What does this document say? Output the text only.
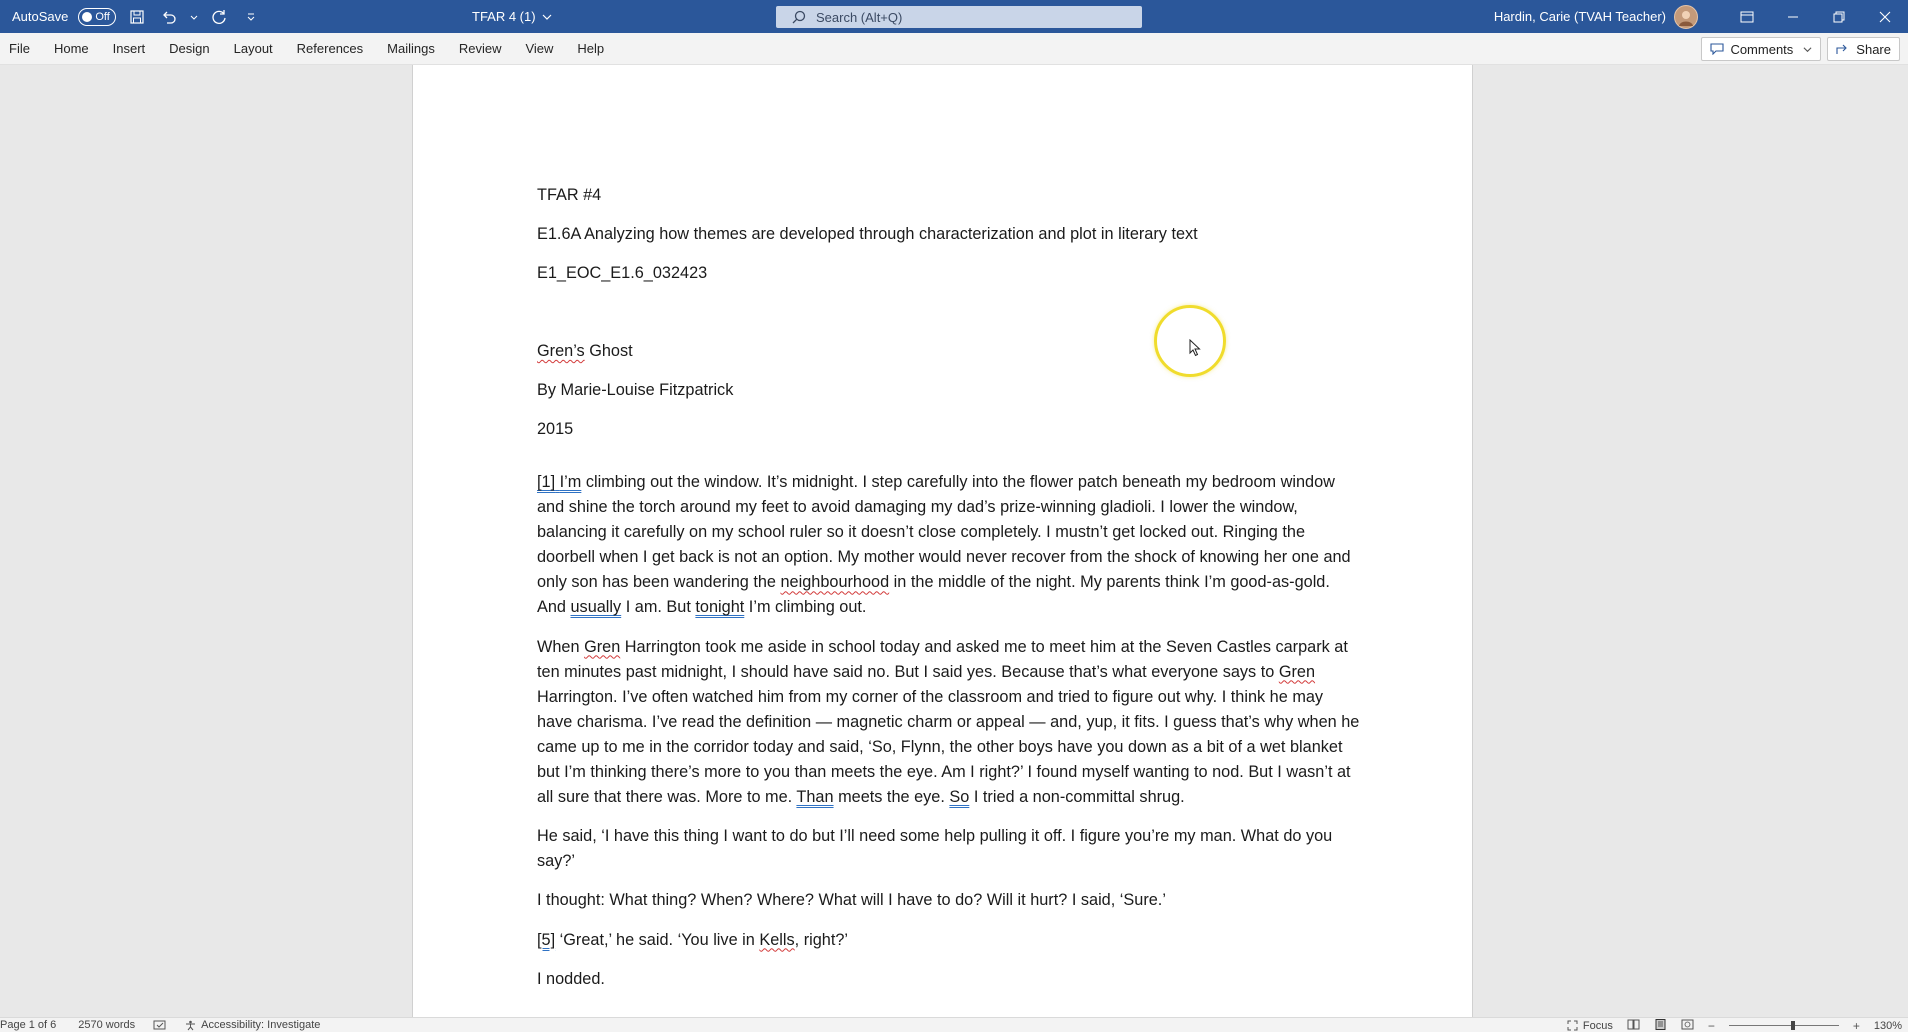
AutoSave Off	TFAR 4 (1)	Search (Alt+Q)	Hardin, Carie (TVAH Teacher)
File	Home	Insert	Design	Layout	References	Mailings	Review	View	Help	Comments	Share
TFAR #4
E1.6A Analyzing how themes are developed through characterization and plot in literary text
E1_EOC_E1.6_032423
Gren’s Ghost
By Marie-Louise Fitzpatrick
2015

[1] I’m climbing out the window. It’s midnight. I step carefully into the flower patch beneath my bedroom window and shine the torch around my feet to avoid damaging my dad’s prize-winning gladioli. I lower the window, balancing it carefully on my school ruler so it doesn’t close completely. I mustn’t get locked out. Ringing the doorbell when I get back is not an option. My mother would never recover from the shock of knowing her one and only son has been wandering the neighbourhood in the middle of the night. My parents think I’m good-as-gold. And usually I am. But tonight I’m climbing out.

When Gren Harrington took me aside in school today and asked me to meet him at the Seven Castles carpark at ten minutes past midnight, I should have said no. But I said yes. Because that’s what everyone says to Gren Harrington. I’ve often watched him from my corner of the classroom and tried to figure out why. I think he may have charisma. I’ve read the definition — magnetic charm or appeal — and, yup, it fits. I guess that’s why when he came up to me in the corridor today and said, ‘So, Flynn, the other boys have you down as a bit of a wet blanket but I’m thinking there’s more to you than meets the eye. Am I right?’ I found myself wanting to nod. But I wasn’t at all sure that there was. More to me. Than meets the eye. So I tried a non-committal shrug.

He said, ‘I have this thing I want to do but I’ll need some help pulling it off. I figure you’re my man. What do you say?’

I thought: What thing? When? Where? What will I have to do? Will it hurt? I said, ‘Sure.’

[5] ‘Great,’ he said. ‘You live in Kells, right?’

I nodded.

Page 1 of 6	2570 words	Accessibility: Investigate	Focus	−	+ 130%
